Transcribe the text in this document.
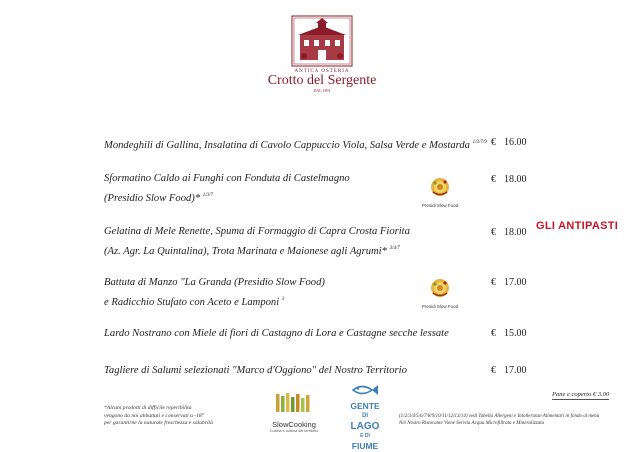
ANTICA OSTERIA
Crotto del Sergente
DAL 1891
Mondeghili di Gallina, Insalatina di Cavolo Cappuccio Viola, Salsa Verde e Mostarda $^{1/3/7/9}$ € 16.00
Sformatino Caldo ai Funghi con Fonduta di Castelmagno
(Presidio Slow Food)* $^{1/3/7}$
€ 18.00
Presidi Slow Food
Gelatina di Mele Renette, Spuma di Formaggio di Capra Crosta Fiorita
(Az. Agr. La Quintalina), Trota Marinata e Maionese agli Agrumi* $^{3/4/7}$
€ 18.00
GLI ANTIPASTI
Battuta di Manzo "La Granda (Presidio Slow Food)
e Radicchio Stufato con Aceto e Lamponi $^3$
€ 17.00
Presidi Slow Food
Lardo Nostrano con Miele di fiori di Castagno di Lora e Castagne secche lessate	€ 15.00
Tagliere di Salumi selezionati "Marco d'Oggiono" del Nostro Territorio	€ 17.00
Pane e coperto € 3.00
*Alcuni prodotti di difficile reperibilità
vengono da noi abbattuti e conservati a -18°
per garantirne la naturale freschezza e salubrità	SlowCooking
Cucina e cultura del territorio
GENTE
DI
LAGO
E DI
FIUME
(1/2/3/4/5/6/7/8/9/10/11/12/13/14) vedi Tabella Allergeni e Intolleranze Alimentari in fondo al menù
Nel Nostro Ristorante Viene Servita Acqua Microfiltrata e Mineralizzata
